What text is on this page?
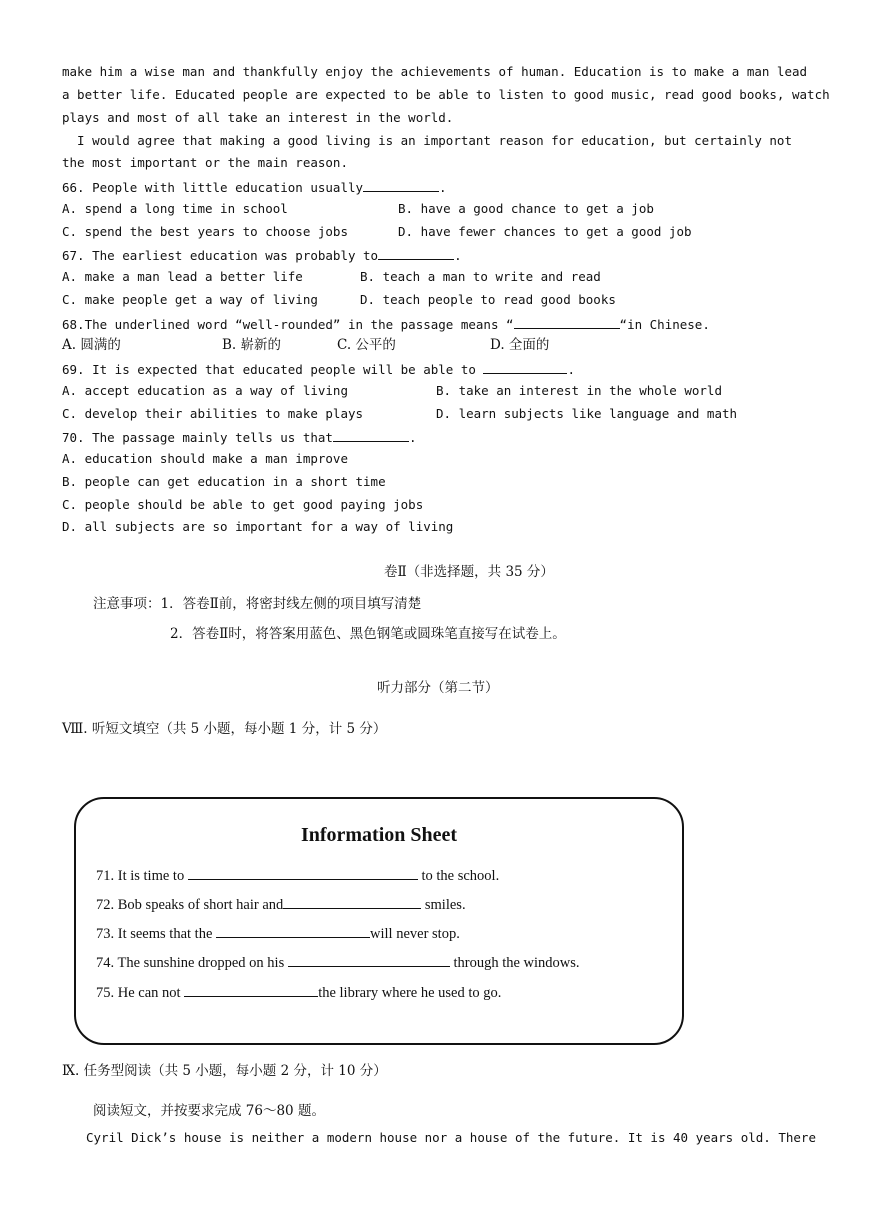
make him a wise man and thankfully enjoy the achievements of human. Education is to make a man lead
a better life. Educated people are expected to be able to listen to good music, read good books, watch
plays and most of all take an interest in the world.
I would agree that making a good living is an important reason for education, but certainly not
the most important or the main reason.
66. People with little education usually	.
A. spend a long time in school	B. have a good chance to get a job
C. spend the best years to choose jobs	D. have fewer chances to get a good job
67. The earliest education was probably to	.
A. make a man lead a better life	B. teach a man to write and read
C. make people get a way of living	D. teach people to read good books
68.The underlined word “well-rounded” in the passage means “	“in Chinese.
A. 圆满的	B. 崭新的	C. 公平的	D. 全面的
69. It is expected that educated people will be able to	.
A. accept education as a way of living	B. take an interest in the whole world
C. develop their abilities to make plays	D. learn subjects like language and math
70. The passage mainly tells us that	.
A. education should make a man improve
B. people can get education in a short time
C. people should be able to get good paying jobs
D. all subjects are so important for a way of living
卷Ⅱ（非选择题，共 35 分）
注意事项：1．答卷Ⅱ前，将密封线左侧的项目填写清楚
2．答卷Ⅱ时，将答案用蓝色、黑色钢笔或圆珠笔直接写在试卷上。
听力部分（第二节）
Ⅷ. 听短文填空（共 5 小题，每小题 1 分，计 5 分）
Information Sheet
71. It is time to	to the school.
72. Bob speaks of short hair and	smiles.
73. It seems that the	will never stop.
74. The sunshine dropped on his	through the windows.
75. He can not	the library where he used to go.
Ⅸ. 任务型阅读（共 5 小题，每小题 2 分，计 10 分）
阅读短文，并按要求完成 76～80 题。
Cyril Dick’s house is neither a modern house nor a house of the future. It is 40 years old. There
